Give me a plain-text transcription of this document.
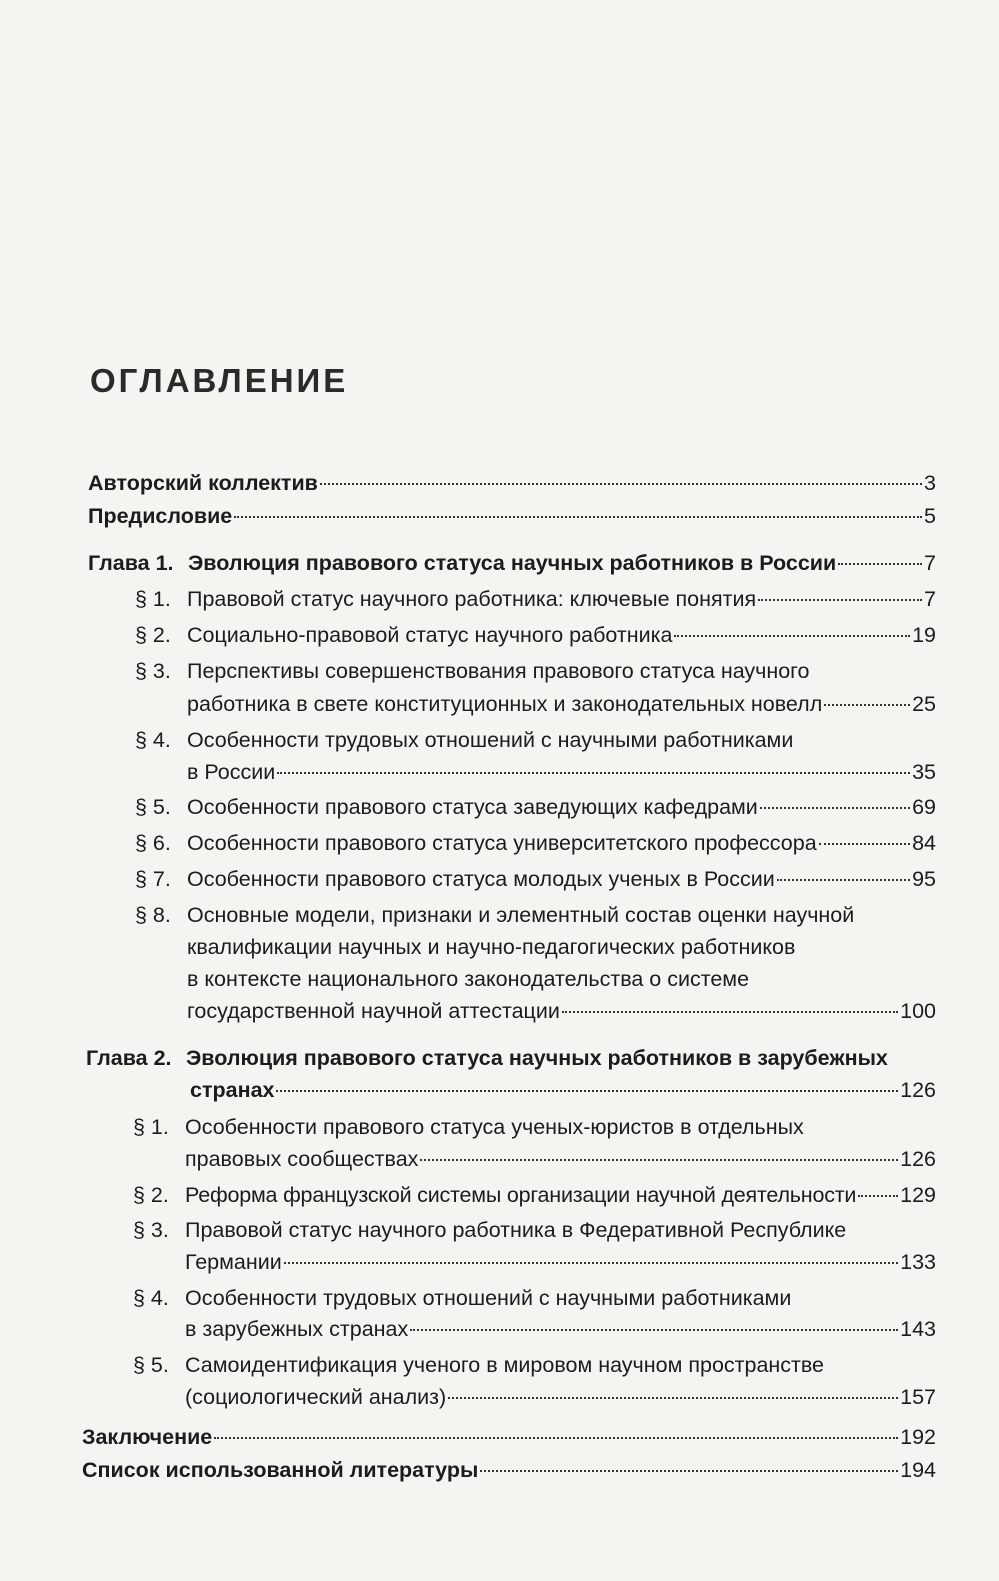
ОГЛАВЛЕНИЕ
Авторский коллектив	3
Предисловие	5
Глава 1. Эволюция правового статуса научных работников в России	7
§ 1. Правовой статус научного работника: ключевые понятия	7
§ 2. Социально-правовой статус научного работника	19
§ 3. Перспективы совершенствования правового статуса научного
работника в свете конституционных и законодательных новелл	25
§ 4. Особенности трудовых отношений с научными работниками
в России	35
§ 5. Особенности правового статуса заведующих кафедрами	69
§ 6. Особенности правового статуса университетского профессора	84
§ 7. Особенности правового статуса молодых ученых в России	95
§ 8. Основные модели, признаки и элементный состав оценки научной
квалификации научных и научно-педагогических работников
в контексте национального законодательства о системе
государственной научной аттестации	100
Глава 2. Эволюция правового статуса научных работников в зарубежных
странах	126
§ 1. Особенности правового статуса ученых-юристов в отдельных
правовых сообществах	126
§ 2. Реформа французской системы организации научной деятельности 129
§ 3. Правовой статус научного работника в Федеративной Республике
Германии	133
§ 4. Особенности трудовых отношений с научными работниками
в зарубежных странах	143
§ 5. Самоидентификация ученого в мировом научном пространстве
(социологический анализ)	157
Заключение	192
Список использованной литературы	194
